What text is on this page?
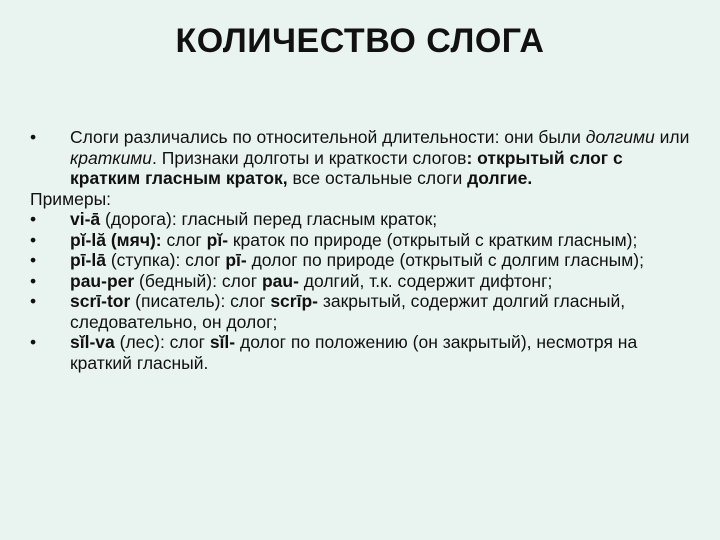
КОЛИЧЕСТВО СЛОГА
•	Слоги различались по относительной длительности: они были долгими или краткими. Признаки долготы и краткости слогов: открытый слог с кратким гласным краток, все остальные слоги долгие.
Примеры:
•	vi-ā (дорога): гласный перед гласным краток;
•	pĭ-lă (мяч): слог pĭ- краток по природе (открытый с кратким гласным);
•	pī-lā (ступка): слог pī- долог по природе (открытый с долгим гласным);
•	pau-per (бедный): слог pau- долгий, т.к. содержит дифтонг;
•	scrī-tor (писатель): слог scrīp- закрытый, содержит долгий гласный, следовательно, он долог;
•	sĭl-va (лес): слог sĭl- долог по положению (он закрытый), несмотря на краткий гласный.
